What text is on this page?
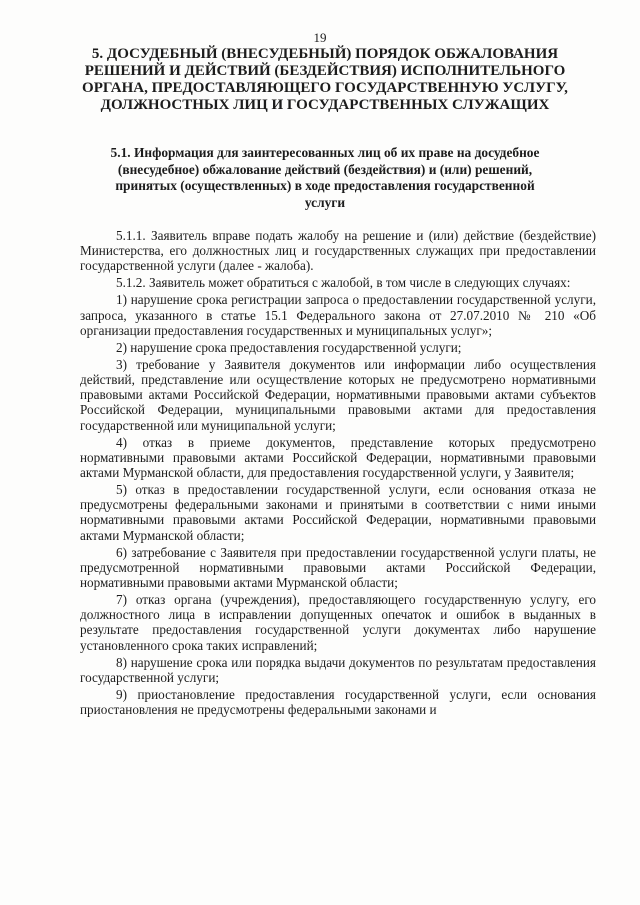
19
5. ДОСУДЕБНЫЙ (ВНЕСУДЕБНЫЙ) ПОРЯДОК ОБЖАЛОВАНИЯ РЕШЕНИЙ И ДЕЙСТВИЙ (БЕЗДЕЙСТВИЯ) ИСПОЛНИТЕЛЬНОГО ОРГАНА, ПРЕДОСТАВЛЯЮЩЕГО ГОСУДАРСТВЕННУЮ УСЛУГУ, ДОЛЖНОСТНЫХ ЛИЦ И ГОСУДАРСТВЕННЫХ СЛУЖАЩИХ
5.1. Информация для заинтересованных лиц об их праве на досудебное (внесудебное) обжалование действий (бездействия) и (или) решений, принятых (осуществленных) в ходе предоставления государственной услуги

5.1.1. Заявитель вправе подать жалобу на решение и (или) действие (бездействие) Министерства, его должностных лиц и государственных служащих при предоставлении государственной услуги (далее - жалоба).

5.1.2. Заявитель может обратиться с жалобой, в том числе в следующих случаях:

1) нарушение срока регистрации запроса о предоставлении государственной услуги, запроса, указанного в статье 15.1 Федерального закона от 27.07.2010 № 210 «Об организации предоставления государственных и муниципальных услуг»;

2) нарушение срока предоставления государственной услуги;

3) требование у Заявителя документов или информации либо осуществления действий, представление или осуществление которых не предусмотрено нормативными правовыми актами Российской Федерации, нормативными правовыми актами субъектов Российской Федерации, муниципальными правовыми актами для предоставления государственной или муниципальной услуги;

4) отказ в приеме документов, представление которых предусмотрено нормативными правовыми актами Российской Федерации, нормативными правовыми актами Мурманской области, для предоставления государственной услуги, у Заявителя;

5) отказ в предоставлении государственной услуги, если основания отказа не предусмотрены федеральными законами и принятыми в соответствии с ними иными нормативными правовыми актами Российской Федерации, нормативными правовыми актами Мурманской области;

6) затребование с Заявителя при предоставлении государственной услуги платы, не предусмотренной нормативными правовыми актами Российской Федерации, нормативными правовыми актами Мурманской области;

7) отказ органа (учреждения), предоставляющего государственную услугу, его должностного лица в исправлении допущенных опечаток и ошибок в выданных в результате предоставления государственной услуги документах либо нарушение установленного срока таких исправлений;

8) нарушение срока или порядка выдачи документов по результатам предоставления государственной услуги;

9) приостановление предоставления государственной услуги, если основания приостановления не предусмотрены федеральными законами и
